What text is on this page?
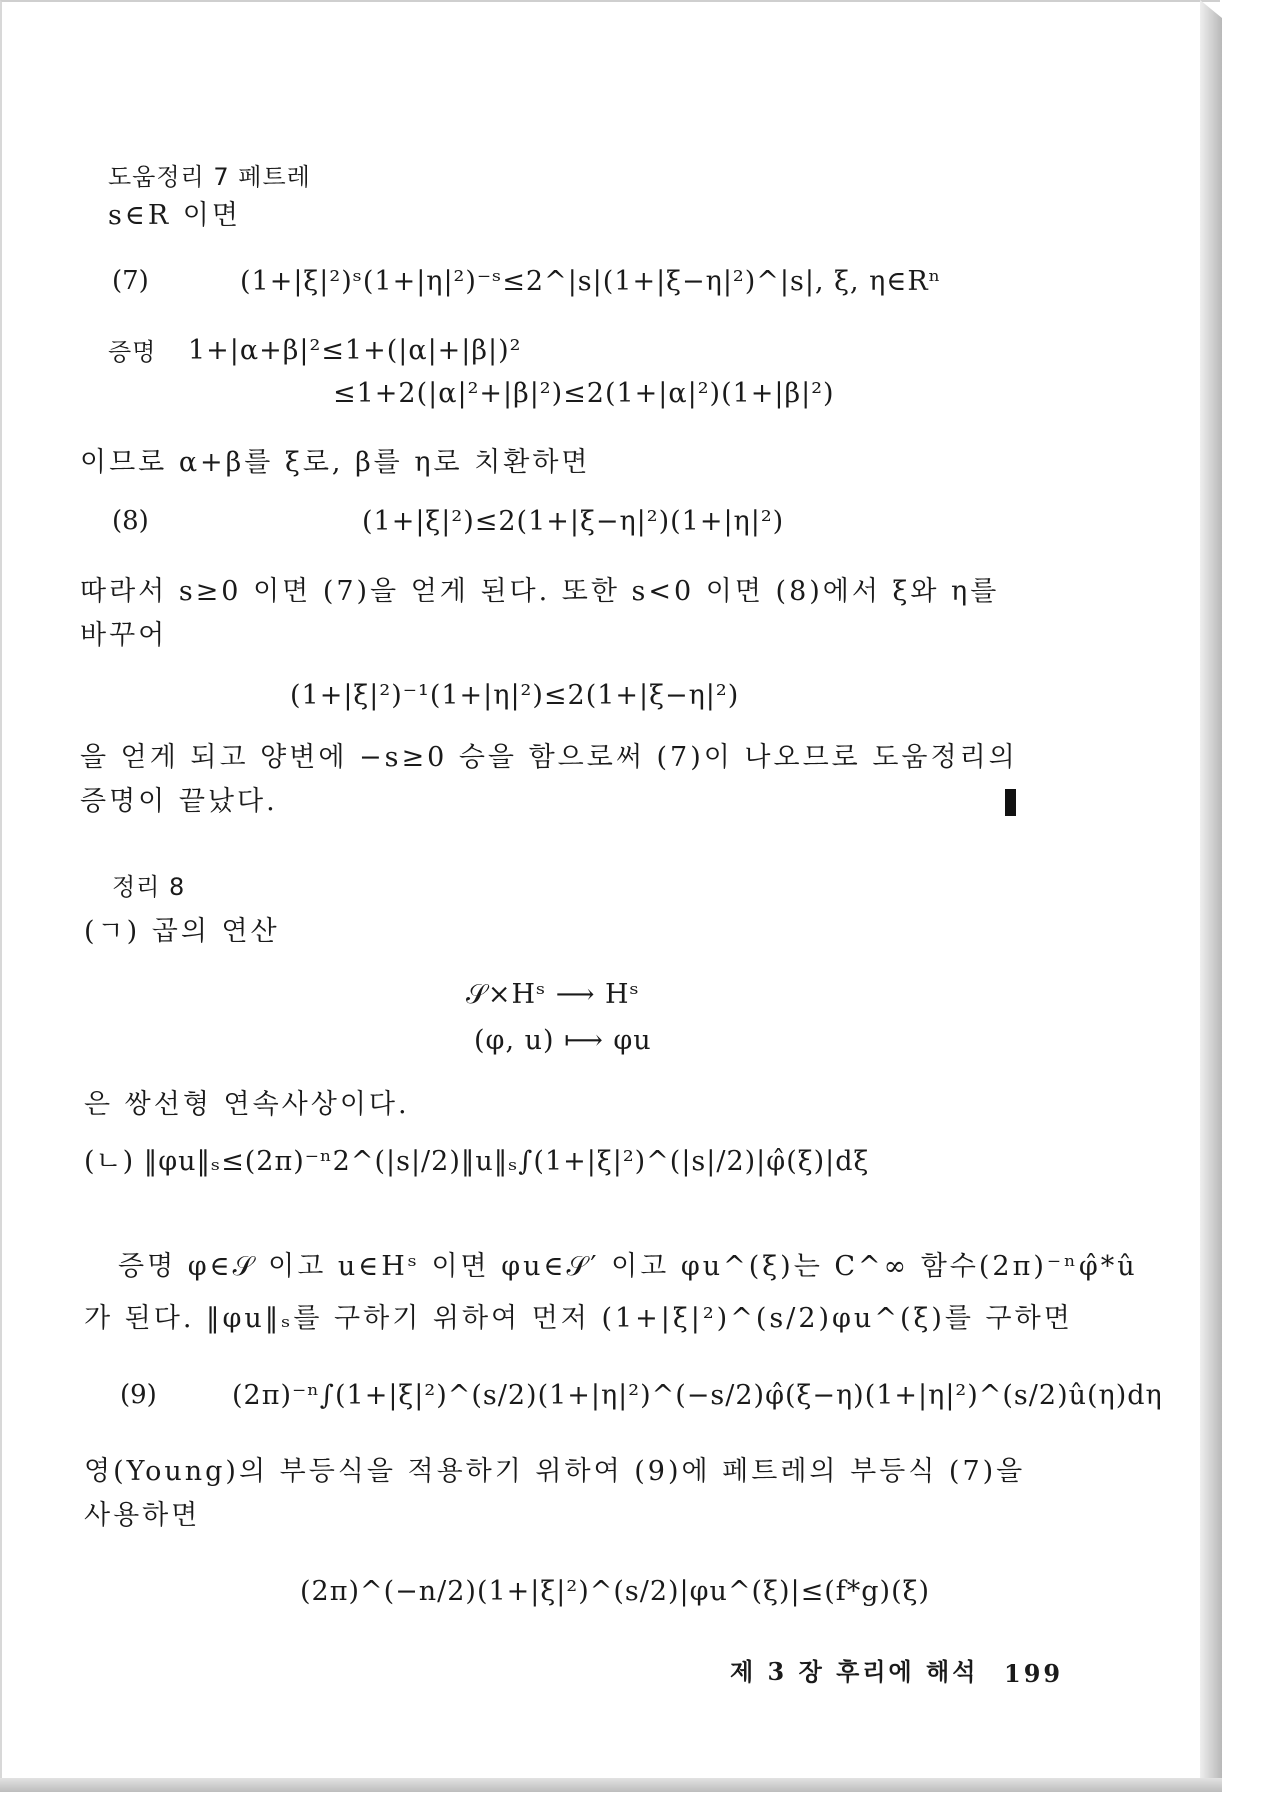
도움정리 7 페트레
s∈R 이면
(7)	(1+|ξ|²)ˢ(1+|η|²)⁻ˢ≤2^|s|(1+|ξ−η|²)^|s|, ξ, η∈Rⁿ
증명 1+|α+β|²≤1+(|α|+|β|)²
≤1+2(|α|²+|β|²)≤2(1+|α|²)(1+|β|²)
이므로 α+β를 ξ로, β를 η로 치환하면
(8)	(1+|ξ|²)≤2(1+|ξ−η|²)(1+|η|²)
따라서 s≥0 이면 (7)을 얻게 된다. 또한 s<0 이면 (8)에서 ξ와 η를
바꾸어
(1+|ξ|²)⁻¹(1+|η|²)≤2(1+|ξ−η|²)
을 얻게 되고 양변에 −s≥0 승을 함으로써 (7)이 나오므로 도움정리의
증명이 끝났다.
정리 8
(ㄱ) 곱의 연산
𝒮×Hˢ ⟶ Hˢ
(φ, u) ⟼ φu
은 쌍선형 연속사상이다.
(ㄴ) ‖φu‖ₛ≤(2π)⁻ⁿ2^(|s|/2)‖u‖ₛ∫(1+|ξ|²)^(|s|/2)|φ̂(ξ)|dξ
증명 φ∈𝒮 이고 u∈Hˢ 이면 φu∈𝒮′ 이고 φu^(ξ)는 C^∞ 함수(2π)⁻ⁿφ̂*û
가 된다. ‖φu‖ₛ를 구하기 위하여 먼저 (1+|ξ|²)^(s/2)φu^(ξ)를 구하면
(9)	(2π)⁻ⁿ∫(1+|ξ|²)^(s/2)(1+|η|²)^(−s/2)φ̂(ξ−η)(1+|η|²)^(s/2)û(η)dη
영(Young)의 부등식을 적용하기 위하여 (9)에 페트레의 부등식 (7)을
사용하면
(2π)^(−n/2)(1+|ξ|²)^(s/2)|φu^(ξ)|≤(f*g)(ξ)
제 3 장 후리에 해석 199
